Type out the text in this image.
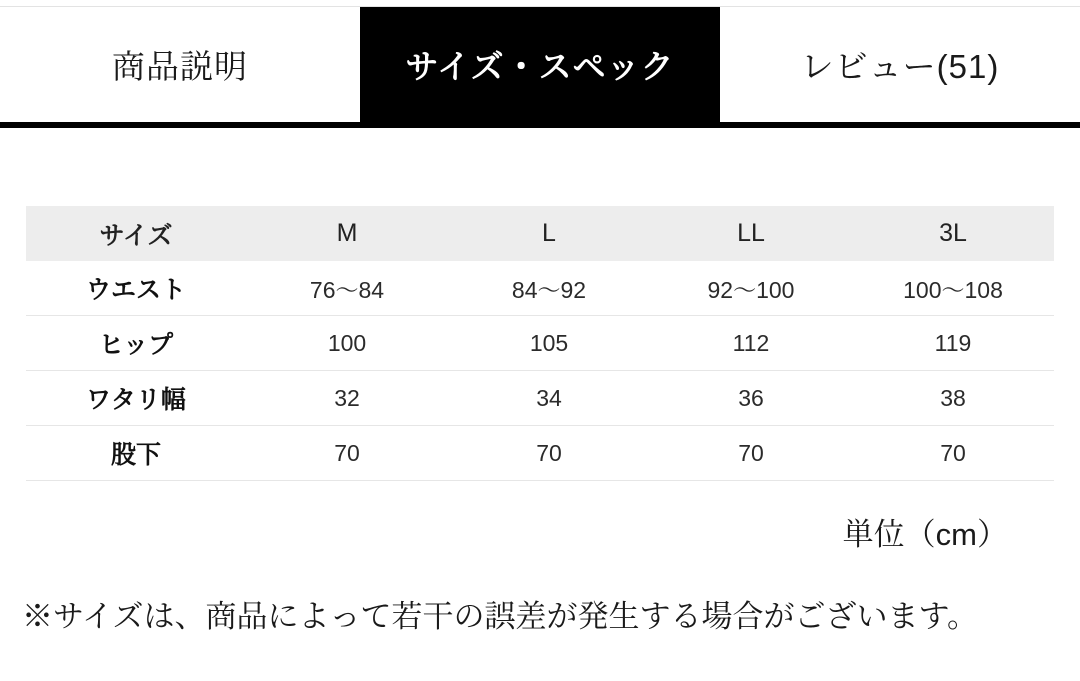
商品説明	サイズ・スペック	レビュー(51)
サイズ	M	L	LL	3L
ウエスト	76〜84	84〜92	92〜100	100〜108
ヒップ	100	105	112	119
ワタリ幅	32	34	36	38
股下	70	70	70	70
単位（cm）
※サイズは、商品によって若干の誤差が発生する場合がございます。
